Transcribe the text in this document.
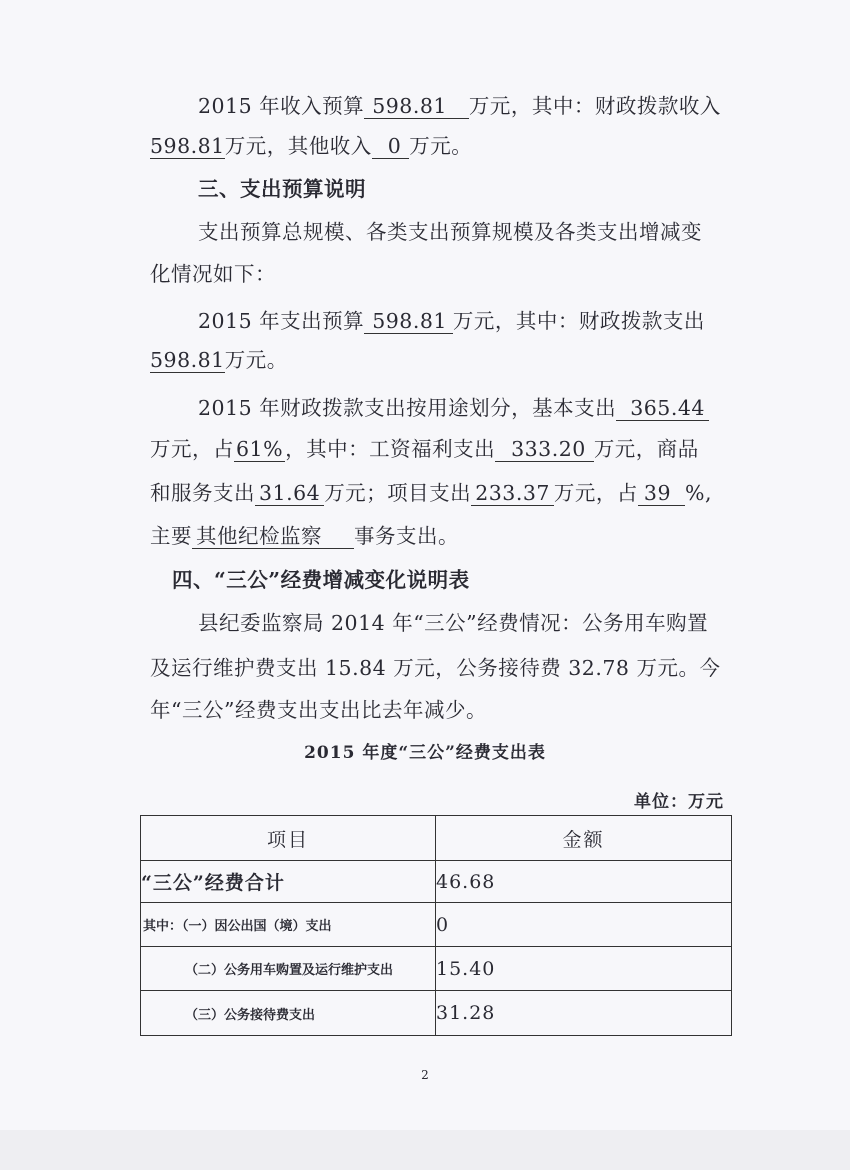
2015 年收入预算 598.81 万元，其中：财政拨款收入
598.81万元，其他收入 0 万元。
三、支出预算说明
支出预算总规模、各类支出预算规模及各类支出增减变
化情况如下：
2015 年支出预算 598.81 万元，其中：财政拨款支出
598.81万元。
2015 年财政拨款支出按用途划分，基本支出 365.44
万元，占61%，其中：工资福利支出 333.20 万元，商品
和服务支出 31.64 万元；项目支出 233.37 万元，占 39 %,
主要 其他纪检监察 事务支出。
四、“三公”经费增减变化说明表
县纪委监察局 2014 年“三公”经费情况：公务用车购置
及运行维护费支出 15.84 万元，公务接待费 32.78 万元。今
年“三公”经费支出支出比去年减少。
2015 年度“三公”经费支出表
单位：万元
项目	金额
“三公”经费合计	46.68
其中：（一）因公出国（境）支出	0
（二）公务用车购置及运行维护支出	15.40
（三）公务接待费支出	31.28
2
